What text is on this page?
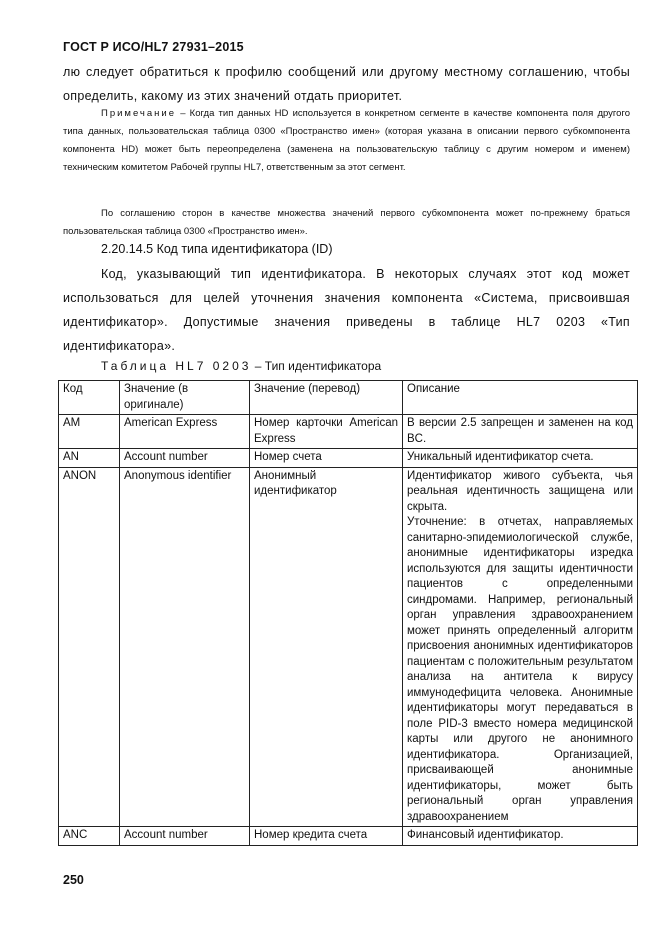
ГОСТ Р ИСО/HL7 27931–2015
лю следует обратиться к профилю сообщений или другому местному соглашению, чтобы определить, какому из этих значений отдать приоритет.
Примечание – Когда тип данных HD используется в конкретном сегменте в качестве компонента поля другого типа данных, пользовательская таблица 0300 «Пространство имен» (которая указана в описании первого субкомпонента компонента HD) может быть переопределена (заменена на пользовательскую таблицу с другим номером и именем) техническим комитетом Рабочей группы HL7, ответственным за этот сегмент.
По соглашению сторон в качестве множества значений первого субкомпонента может по-прежнему браться пользовательская таблица 0300 «Пространство имен».
2.20.14.5 Код типа идентификатора (ID)
Код, указывающий тип идентификатора. В некоторых случаях этот код может использоваться для целей уточнения значения компонента «Система, присвоившая идентификатор». Допустимые значения приведены в таблице HL7 0203 «Тип идентификатора».
Таблица HL7 0203 – Тип идентификатора
Код	Значение (в оригинале)	Значение (перевод)	Описание
AM	American Express	Номер карточки American Express	В версии 2.5 запрещен и заменен на код BC.
AN	Account number	Номер счета	Уникальный идентификатор счета.
ANON	Anonymous identifier	Анонимный идентификатор	Идентификатор живого субъекта, чья реальная идентичность защищена или скрыта.
Уточнение: в отчетах, направляемых санитарно-эпидемиологической службе, анонимные идентификаторы изредка используются для защиты идентичности пациентов с определенными синдромами. Например, региональный орган управления здравоохранением может принять определенный алгоритм присвоения анонимных идентификаторов пациентам с положительным результатом анализа на антитела к вирусу иммунодефицита человека. Анонимные идентификаторы могут передаваться в поле PID-3 вместо номера медицинской карты или другого не анонимного идентификатора. Организацией, присваивающей анонимные идентификаторы, может быть региональный орган управления здравоохранением

ANC	Account number	Номер кредита счета	Финансовый идентификатор.
250
